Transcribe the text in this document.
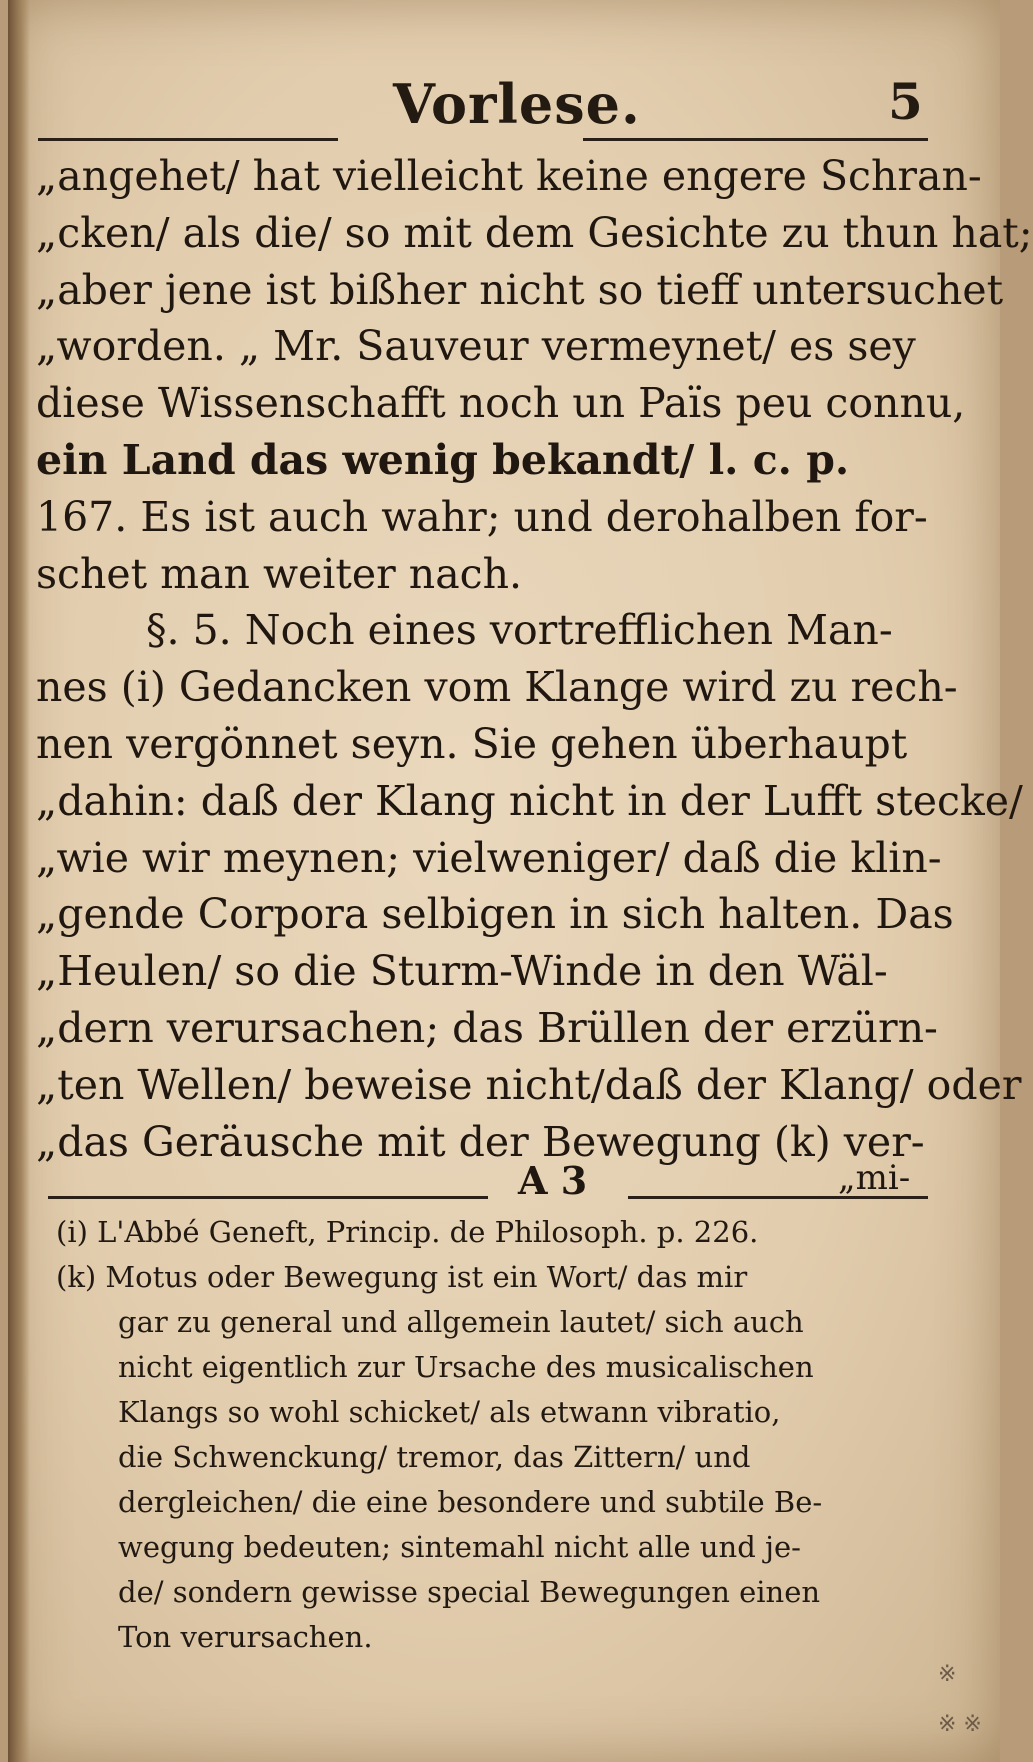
Vorlese.	5
„angehet/ hat vielleicht keine engere Schran-
„cken/ als die/ so mit dem Gesichte zu thun hat;
„aber jene ist bißher nicht so tieff untersuchet
„worden. „ Mr. Sauveur vermeynet/ es sey
diese Wissenschafft noch un Païs peu connu,
ein Land das wenig bekandt/ l. c. p.
167. Es ist auch wahr; und derohalben for-
schet man weiter nach.
§. 5. Noch eines vortrefflichen Man-
nes (i) Gedancken vom Klange wird zu rech-
nen vergönnet seyn. Sie gehen überhaupt
„dahin: daß der Klang nicht in der Lufft stecke/
„wie wir meynen; vielweniger/ daß die klin-
„gende Corpora selbigen in sich halten. Das
„Heulen/ so die Sturm-Winde in den Wäl-
„dern verursachen; das Brüllen der erzürn-
„ten Wellen/ beweise nicht/daß der Klang/ oder
„das Geräusche mit der Bewegung (k) ver-
A 3	„mi-
(i) L'Abbé Geneft, Princip. de Philosoph. p. 226.
(k) Motus oder Bewegung ist ein Wort/ das mir
gar zu general und allgemein lautet/ sich auch
nicht eigentlich zur Ursache des musicalischen
Klangs so wohl schicket/ als etwann vibratio,
die Schwenckung/ tremor, das Zittern/ und
dergleichen/ die eine besondere und subtile Be-
wegung bedeuten; sintemahl nicht alle und je-
de/ sondern gewisse special Bewegungen einen
Ton verursachen.
※
※ ※
